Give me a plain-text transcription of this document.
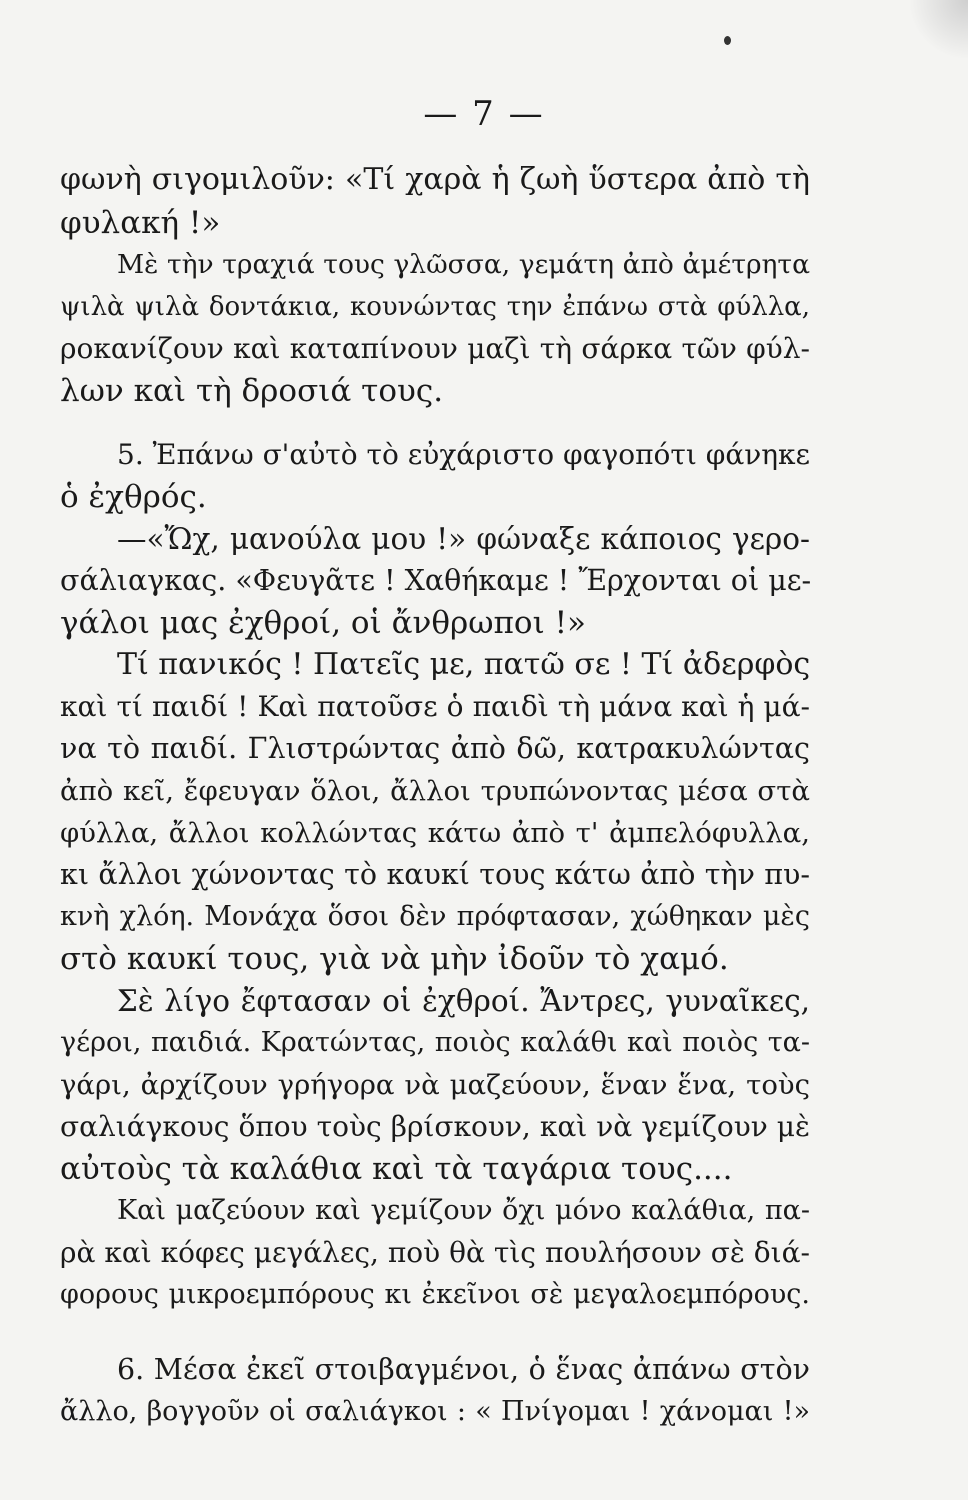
— 7 —
φωνὴ σιγομιλοῦν: «Τί χαρὰ ἡ ζωὴ ὕστερα ἀπὸ τὴ
φυλακή !»
Μὲ τὴν τραχιά τους γλῶσσα, γεμάτη ἀπὸ ἀμέτρητα
ψιλὰ ψιλὰ δοντάκια, κουνώντας την ἐπάνω στὰ φύλλα,
ροκανίζουν καὶ καταπίνουν μαζὶ τὴ σάρκα τῶν φύλ-
λων καὶ τὴ δροσιά τους.
5. Ἐπάνω σ'αὐτὸ τὸ εὐχάριστο φαγοπότι φάνηκε
ὁ ἐχθρός.
—«Ὤχ, μανούλα μου !» φώναξε κάποιος γερο-
σάλιαγκας. «Φευγᾶτε ! Χαθήκαμε ! Ἔρχονται οἱ με-
γάλοι μας ἐχθροί, οἱ ἄνθρωποι !»
Τί πανικός ! Πατεῖς με, πατῶ σε ! Τί ἀδερφὸς
καὶ τί παιδί ! Καὶ πατοῦσε ὁ παιδὶ τὴ μάνα καὶ ἡ μά-
να τὸ παιδί. Γλιστρώντας ἀπὸ δῶ, κατρακυλώντας
ἀπὸ κεῖ, ἔφευγαν ὅλοι, ἄλλοι τρυπώνοντας μέσα στὰ
φύλλα, ἄλλοι κολλώντας κάτω ἀπὸ τ' ἀμπελόφυλλα,
κι ἄλλοι χώνοντας τὸ καυκί τους κάτω ἀπὸ τὴν πυ-
κνὴ χλόη. Μονάχα ὅσοι δὲν πρόφτασαν, χώθηκαν μὲς
στὸ καυκί τους, γιὰ νὰ μὴν ἰδοῦν τὸ χαμό.
Σὲ λίγο ἔφτασαν οἱ ἐχθροί. Ἄντρες, γυναῖκες,
γέροι, παιδιά. Κρατώντας, ποιὸς καλάθι καὶ ποιὸς τα-
γάρι, ἀρχίζουν γρήγορα νὰ μαζεύουν, ἕναν ἕνα, τοὺς
σαλιάγκους ὅπου τοὺς βρίσκουν, καὶ νὰ γεμίζουν μὲ
αὐτοὺς τὰ καλάθια καὶ τὰ ταγάρια τους....
Καὶ μαζεύουν καὶ γεμίζουν ὄχι μόνο καλάθια, πα-
ρὰ καὶ κόφες μεγάλες, ποὺ θὰ τὶς πουλήσουν σὲ διά-
φορους μικροεμπόρους κι ἐκεῖνοι σὲ μεγαλοεμπόρους.
6. Μέσα ἐκεῖ στοιβαγμένοι, ὁ ἕνας ἀπάνω στὸν
ἄλλο, βογγοῦν οἱ σαλιάγκοι : « Πνίγομαι ! χάνομαι !»
